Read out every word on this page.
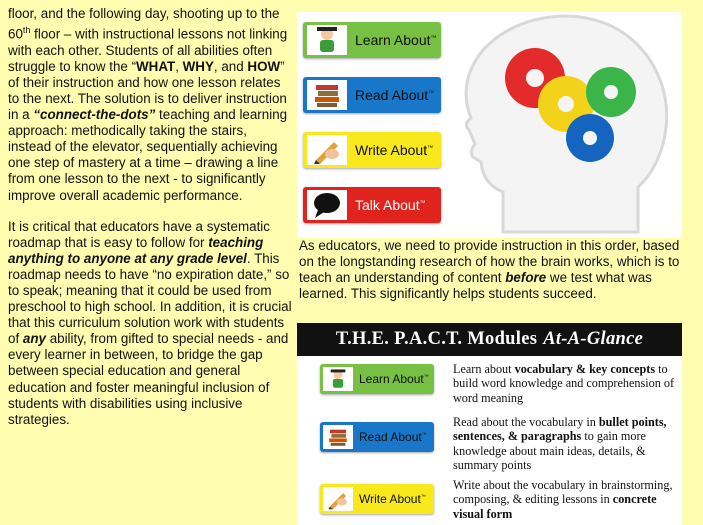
floor, and the following day, shooting up to the 60th floor – with instructional lessons not linking with each other. Students of all abilities often struggle to know the “WHAT, WHY, and HOW” of their instruction and how one lesson relates to the next. The solution is to deliver instruction in a “connect-the-dots” teaching and learning approach: methodically taking the stairs, instead of the elevator, sequentially achieving one step of mastery at a time – drawing a line from one lesson to the next - to significantly improve overall academic performance.

It is critical that educators have a systematic roadmap that is easy to follow for teaching anything to anyone at any grade level. This roadmap needs to have “no expiration date,” so to speak; meaning that it could be used from preschool to high school. In addition, it is crucial that this curriculum solution work with students of any ability, from gifted to special needs - and every learner in between, to bridge the gap between special education and general education and foster meaningful inclusion of students with disabilities using inclusive strategies.

Learn About™
Read About™
Write About™
Talk About™
As educators, we need to provide instruction in this order, based on the longstanding research of how the brain works, which is to teach an understanding of content before we test what was learned. This significantly helps students succeed.
T.H.E. P.A.C.T. Modules At-A-Glance
Learn About™
Learn about vocabulary & key concepts to build word knowledge and comprehension of word meaning
Read About™
Read about the vocabulary in bullet points, sentences, & paragraphs to gain more knowledge about main ideas, details, & summary points
Write About™
Write about the vocabulary in brainstorming, composing, & editing lessons in concrete visual form
